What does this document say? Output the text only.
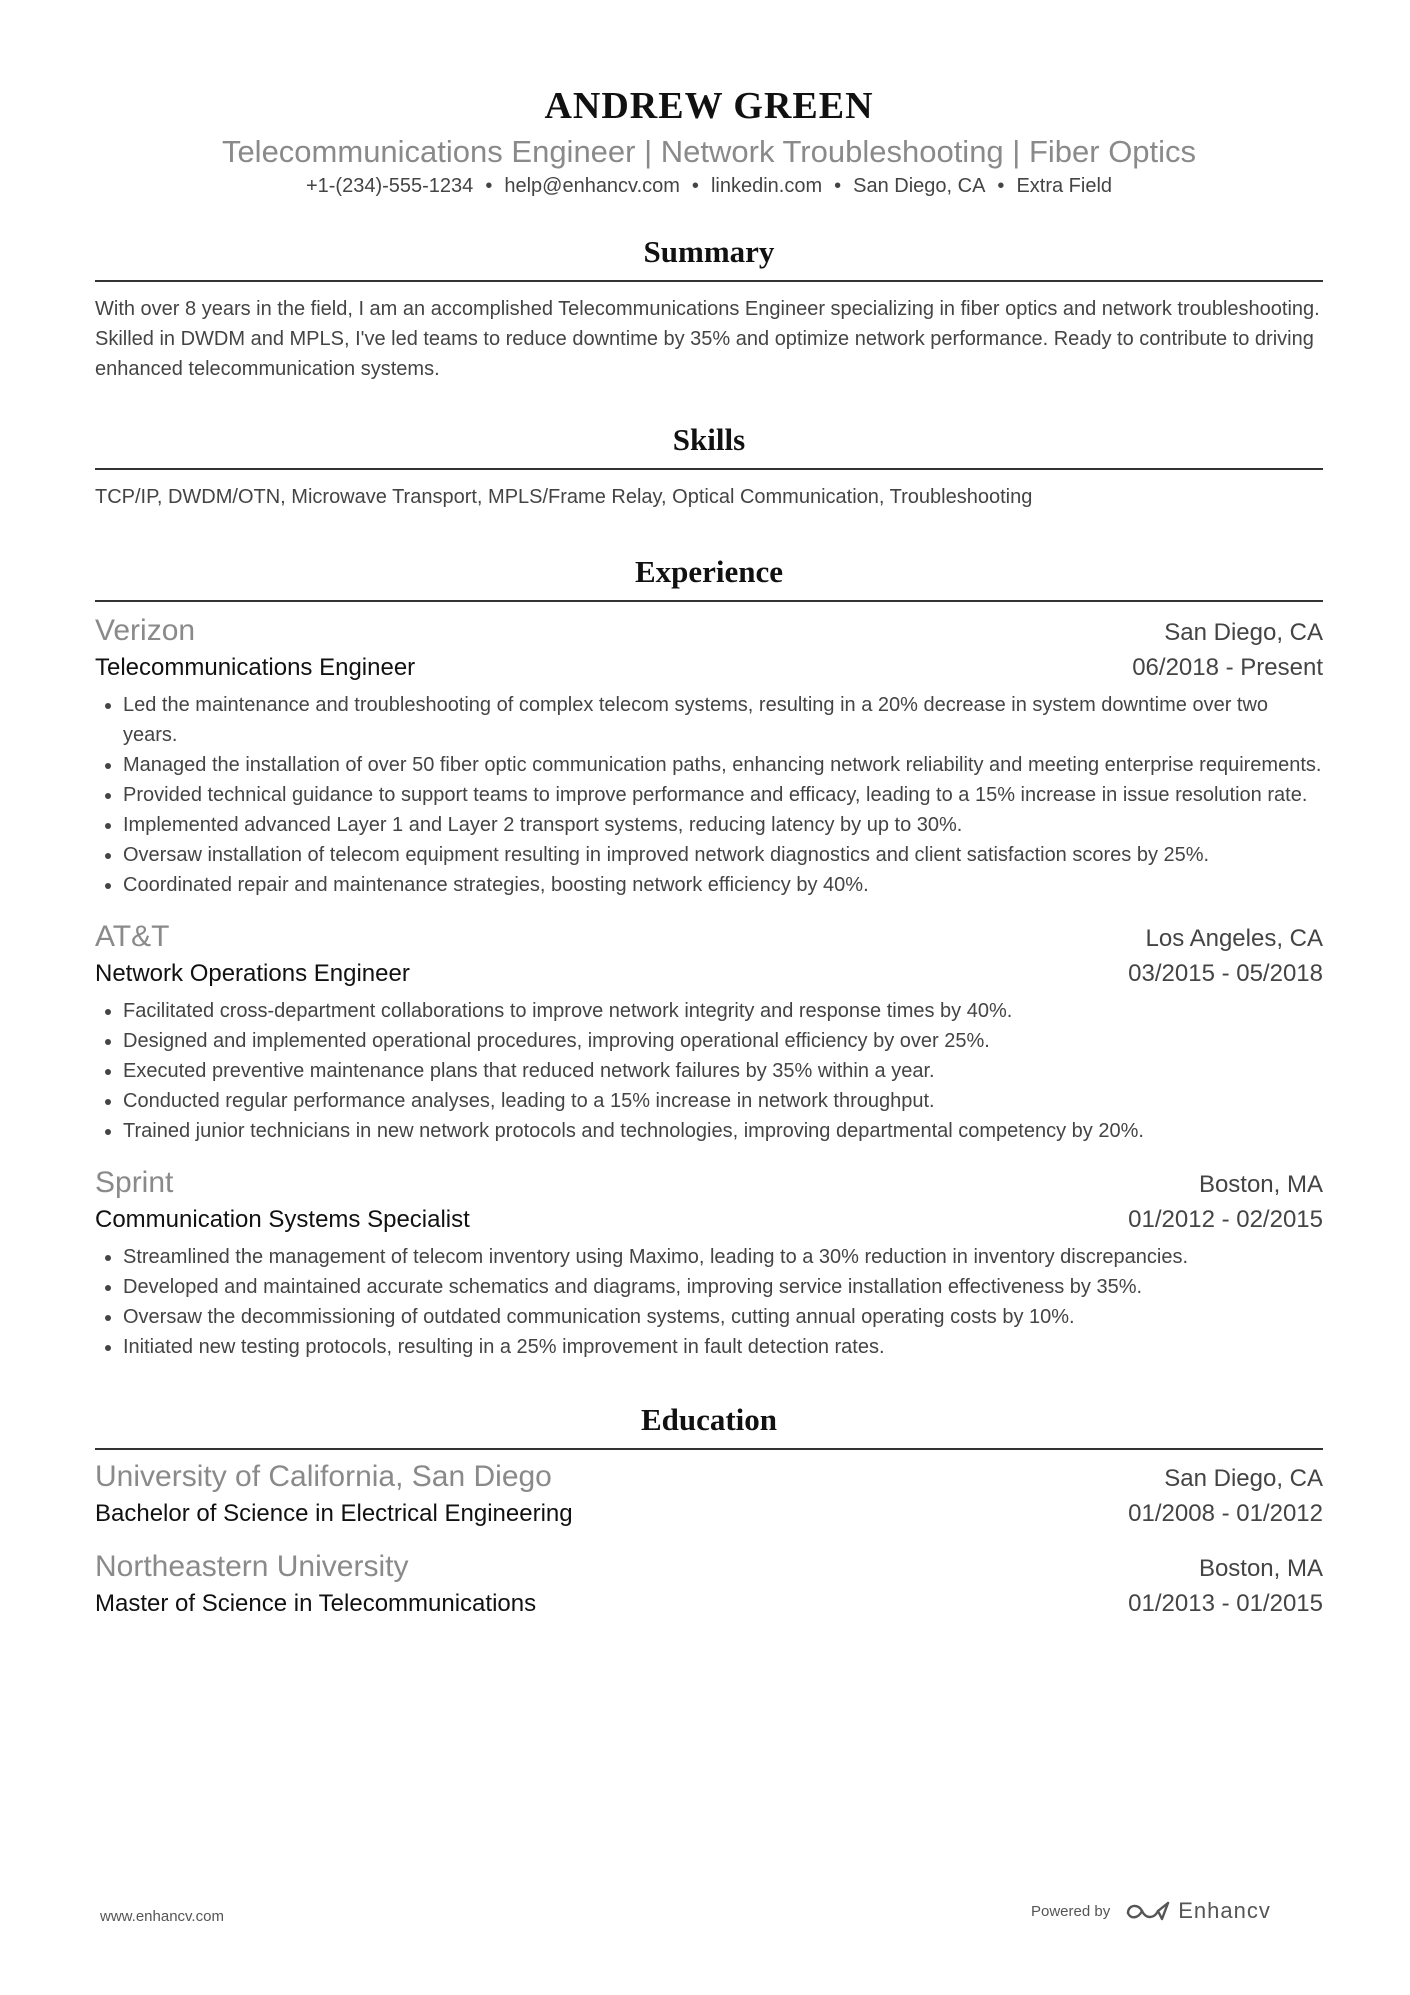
ANDREW GREEN
Telecommunications Engineer | Network Troubleshooting | Fiber Optics
+1-(234)-555-1234 • help@enhancv.com • linkedin.com • San Diego, CA • Extra Field
Summary
With over 8 years in the field, I am an accomplished Telecommunications Engineer specializing in fiber optics and network troubleshooting. Skilled in DWDM and MPLS, I've led teams to reduce downtime by 35% and optimize network performance. Ready to contribute to driving enhanced telecommunication systems.
Skills
TCP/IP, DWDM/OTN, Microwave Transport, MPLS/Frame Relay, Optical Communication, Troubleshooting
Experience
Verizon	San Diego, CA
Telecommunications Engineer	06/2018 - Present
• Led the maintenance and troubleshooting of complex telecom systems, resulting in a 20% decrease in system downtime over two years.
• Managed the installation of over 50 fiber optic communication paths, enhancing network reliability and meeting enterprise requirements.
• Provided technical guidance to support teams to improve performance and efficacy, leading to a 15% increase in issue resolution rate.
• Implemented advanced Layer 1 and Layer 2 transport systems, reducing latency by up to 30%.
• Oversaw installation of telecom equipment resulting in improved network diagnostics and client satisfaction scores by 25%.
• Coordinated repair and maintenance strategies, boosting network efficiency by 40%.
AT&T	Los Angeles, CA
Network Operations Engineer	03/2015 - 05/2018
• Facilitated cross-department collaborations to improve network integrity and response times by 40%.
• Designed and implemented operational procedures, improving operational efficiency by over 25%.
• Executed preventive maintenance plans that reduced network failures by 35% within a year.
• Conducted regular performance analyses, leading to a 15% increase in network throughput.
• Trained junior technicians in new network protocols and technologies, improving departmental competency by 20%.
Sprint	Boston, MA
Communication Systems Specialist	01/2012 - 02/2015
• Streamlined the management of telecom inventory using Maximo, leading to a 30% reduction in inventory discrepancies.
• Developed and maintained accurate schematics and diagrams, improving service installation effectiveness by 35%.
• Oversaw the decommissioning of outdated communication systems, cutting annual operating costs by 10%.
• Initiated new testing protocols, resulting in a 25% improvement in fault detection rates.
Education
University of California, San Diego	San Diego, CA
Bachelor of Science in Electrical Engineering	01/2008 - 01/2012
Northeastern University	Boston, MA
Master of Science in Telecommunications	01/2013 - 01/2015
www.enhancv.com	Powered by	Enhancv
